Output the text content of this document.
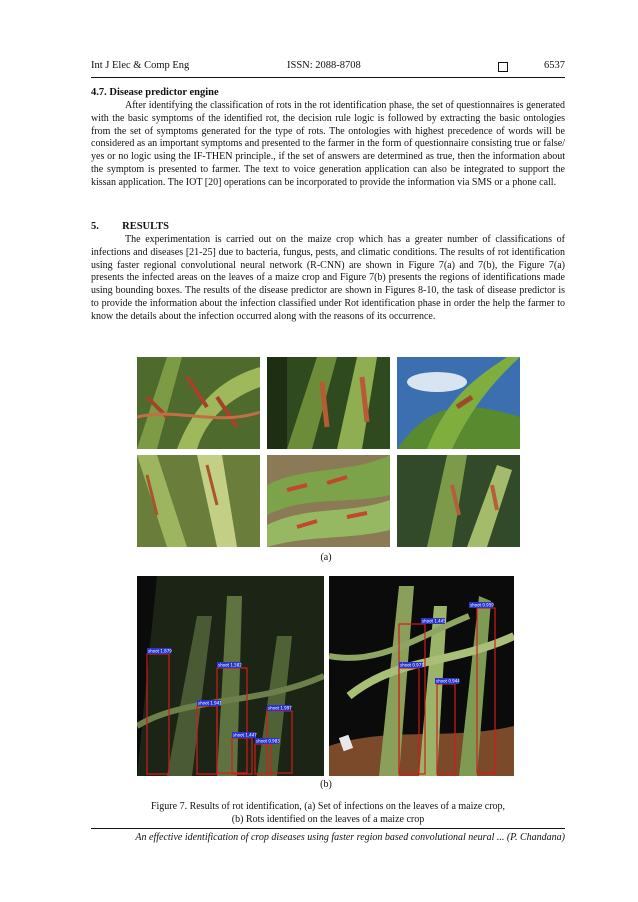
Int J Elec & Comp Eng	ISSN: 2088-8708	6537
4.7. Disease predictor engine

After identifying the classification of rots in the rot identification phase, the set of questionnaires is generated with the basic symptoms of the identified rot, the decision rule logic is followed by extracting the basic ontologies from the set of symptoms generated for the type of rots. The ontologies with highest precedence of words will be considered as an important symptoms and presented to the farmer in the form of questionnaire consisting true or false/ yes or no logic using the IF-THEN principle., if the set of answers are determined as true, then the information about the symptom is presented to farmer. The text to voice generation application can also be integrated to support the kissan application. The IOT [20] operations can be incorporated to provide the information via SMS or a phone call.

5. RESULTS

The experimentation is carried out on the maize crop which has a greater number of classifications of infections and diseases [21-25] due to bacteria, fungus, pests, and climatic conditions. The results of rot identification using faster regional convolutional neural network (R-CNN) are shown in Figure 7(a) and 7(b), the Figure 7(a) presents the infected areas on the leaves of a maize crop and Figure 7(b) presents the regions of identifications made using bounding boxes. The results of the disease predictor are shown in Figures 8-10, the task of disease predictor is to provide the information about the infection classified under Rot identification phase in order the help the farmer to know the details about the infection occurred along with the reasons of its occurrence.

(a)
shoot 1.879
shoot 1.582
shoot 1.941
shoot 1.997
shoot 1.447
shoot 0.983
shoot 0.959
shoot 1.445
shoot 0.977
shoot 0.944
(b)
Figure 7. Results of rot identification, (a) Set of infections on the leaves of a maize crop,
(b) Rots identified on the leaves of a maize crop
An effective identification of crop diseases using faster region based convolutional neural ... (P. Chandana)
